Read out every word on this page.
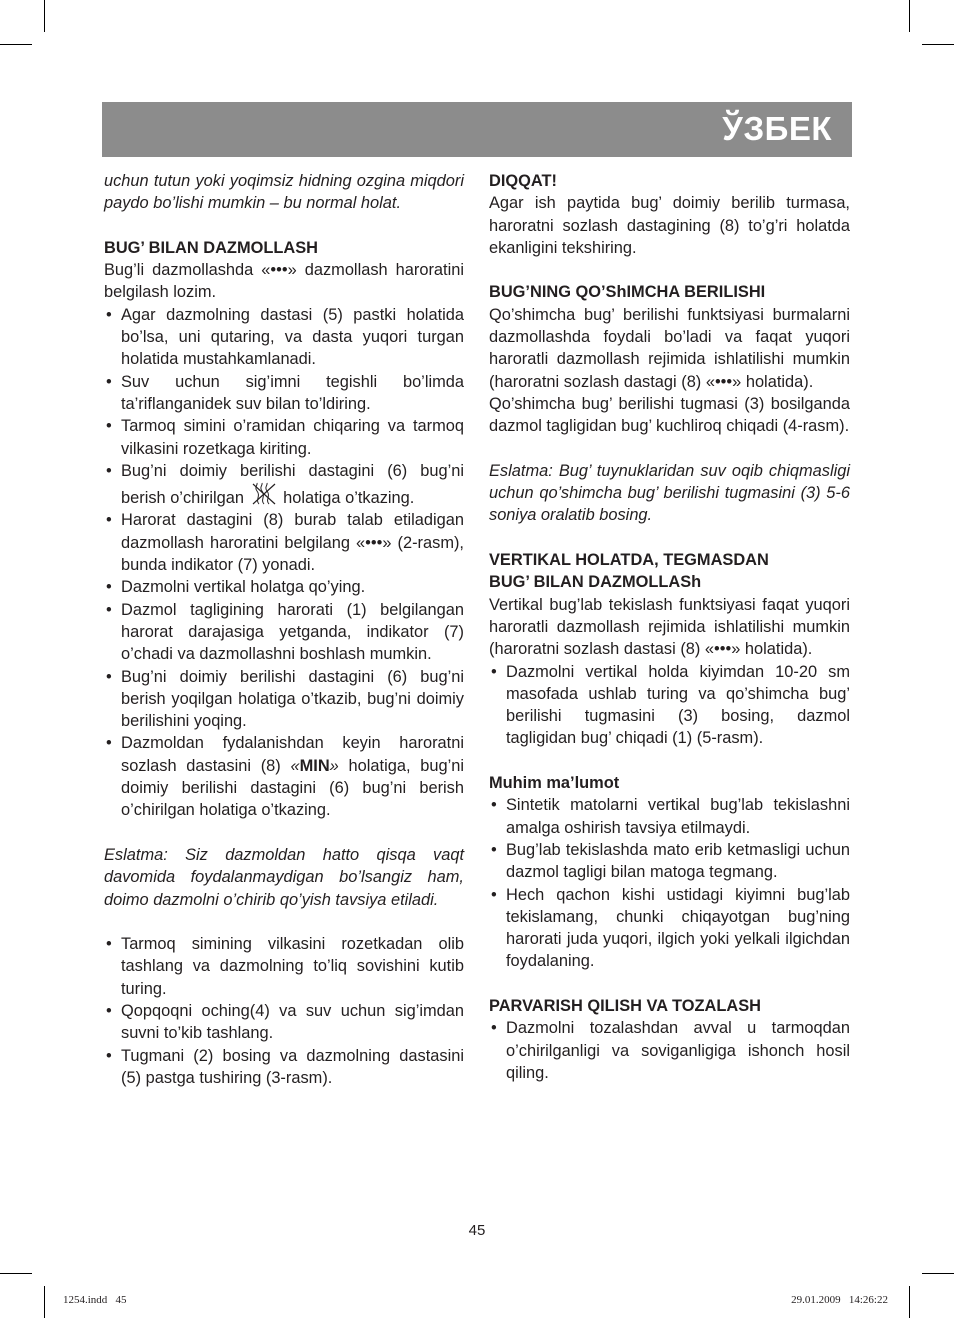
ЎЗБЕК

uchun tutun yoki yoqimsiz hidning ozgina miqdori paydo bo’lishi mumkin – bu normal holat.

BUG’ BILAN DAZMOLLASH

Bug’li dazmollashda «•••» dazmollash haroratini belgilash lozim.

• Agar dazmolning dastasi (5) pastki holatida bo’lsa, uni qutaring, va dasta yuqori turgan holatida mustahkamlanadi.
• Suv uchun sig’imni tegishli bo’limda ta’riflanganidek suv bilan to’ldiring.
• Tarmoq simini o’ramidan chiqaring va tarmoq vilkasini rozetkaga kiriting.
• Bug’ni doimiy berilishi dastagini (6) bug’ni berish o’chirilgan holatiga o’tkazing.
• Harorat dastagini (8) burab talab etiladigan dazmollash haroratini belgilang «•••» (2-rasm), bunda indikator (7) yonadi.
• Dazmolni vertikal holatga qo’ying.
• Dazmol tagligining harorati (1) belgilangan harorat darajasiga yetganda, indikator (7) o’chadi va dazmollashni boshlash mumkin.
• Bug’ni doimiy berilishi dastagini (6) bug’ni berish yoqilgan holatiga o’tkazib, bug’ni doimiy berilishini yoqing.
• Dazmoldan fydalanishdan keyin haroratni sozlash dastasini (8) «MIN» holatiga, bug’ni doimiy berilishi dastagini (6) bug’ni berish o’chirilgan holatiga o’tkazing.

Eslatma: Siz dazmoldan hatto qisqa vaqt davomida foydalanmaydigan bo’lsangiz ham, doimo dazmolni o’chirib qo’yish tavsiya etiladi.

• Tarmoq simining vilkasini rozetkadan olib tashlang va dazmolning to’liq sovishini kutib turing.
• Qopqoqni oching(4) va suv uchun sig’imdan suvni to’kib tashlang.
• Tugmani (2) bosing va dazmolning dastasini (5) pastga tushiring (3-rasm).
DIQQAT!

Agar ish paytida bug’ doimiy berilib turmasa, haroratni sozlash dastagining (8) to’g’ri holatda ekanligini tekshiring.

BUG’NING QO’ShIMCHA BERILISHI

Qo’shimcha bug’ berilishi funktsiyasi burmalarni dazmollashda foydali bo’ladi va faqat yuqori haroratli dazmollash rejimida ishlatilishi mumkin (haroratni sozlash dastagi (8) «•••» holatida).

Qo’shimcha bug’ berilishi tugmasi (3) bosilganda dazmol tagligidan bug’ kuchliroq chiqadi (4-rasm).

Eslatma: Bug’ tuynuklaridan suv oqib chiqmasligi uchun qo’shimcha bug’ berilishi tugmasini (3) 5-6 soniya oralatib bosing.

VERTIKAL HOLATDA, TEGMASDAN
BUG’ BILAN DAZMOLLASh

Vertikal bug’lab tekislash funktsiyasi faqat yuqori haroratli dazmollash rejimida ishlatilishi mumkin (haroratni sozlash dastasi (8) «•••» holatida).

• Dazmolni vertikal holda kiyimdan 10-20 sm masofada ushlab turing va qo’shimcha bug’ berilishi tugmasini (3) bosing, dazmol tagligidan bug’ chiqadi (1) (5-rasm).
Muhim ma’lumot
• Sintetik matolarni vertikal bug’lab tekislashni amalga oshirish tavsiya etilmaydi.
• Bug’lab tekislashda mato erib ketmasligi uchun dazmol tagligi bilan matoga tegmang.
• Hech qachon kishi ustidagi kiyimni bug’lab tekislamang, chunki chiqayotgan bug’ning harorati juda yuqori, ilgich yoki yelkali ilgichdan foydalaning.
PARVARISH QILISH VA TOZALASH
• Dazmolni tozalashdan avval u tarmoqdan o’chirilganligi va soviganligiga ishonch hosil qiling.
45
1254.indd   45	29.01.2009   14:26:22
